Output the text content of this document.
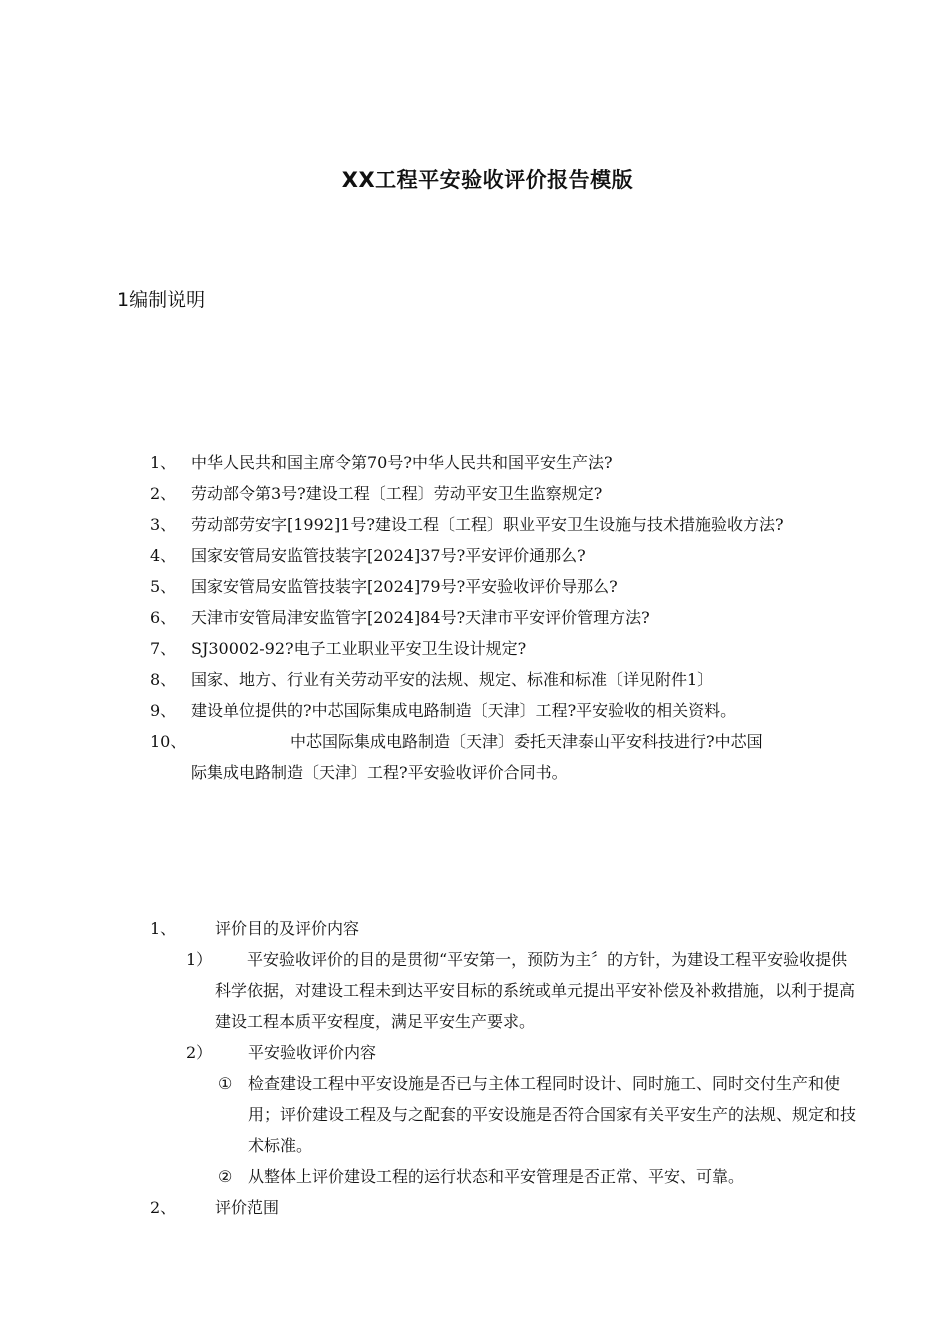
XX工程平安验收评价报告模版
1编制说明
1、 中华人民共和国主席令第70号?中华人民共和国平安生产法?
2、 劳动部令第3号?建设工程〔工程〕劳动平安卫生监察规定?
3、 劳动部劳安字[1992]1号?建设工程〔工程〕职业平安卫生设施与技术措施验收方法?
4、 国家安管局安监管技装字[2024]37号?平安评价通那么?
5、 国家安管局安监管技装字[2024]79号?平安验收评价导那么?
6、 天津市安管局津安监管字[2024]84号?天津市平安评价管理方法?
7、 SJ30002-92?电子工业职业平安卫生设计规定?
8、 国家、地方、行业有关劳动平安的法规、规定、标准和标准〔详见附件1〕
9、 建设单位提供的?中芯国际集成电路制造〔天津〕工程?平安验收的相关资料。
10、	中芯国际集成电路制造〔天津〕委托天津泰山平安科技进行?中芯国
际集成电路制造〔天津〕工程?平安验收评价合同书。
1、 评价目的及评价内容
1）	平安验收评价的目的是贯彻“平安第一，预防为主〞的方针，为建设工程平安验收提供科学依据，对建设工程未到达平安目标的系统或单元提出平安补偿及补救措施，以利于提高建设工程本质平安程度，满足平安生产要求。
2） 平安验收评价内容
① 检查建设工程中平安设施是否已与主体工程同时设计、同时施工、同时交付生产和使用；评价建设工程及与之配套的平安设施是否符合国家有关平安生产的法规、规定和技术标准。
② 从整体上评价建设工程的运行状态和平安管理是否正常、平安、可靠。
2、 评价范围
